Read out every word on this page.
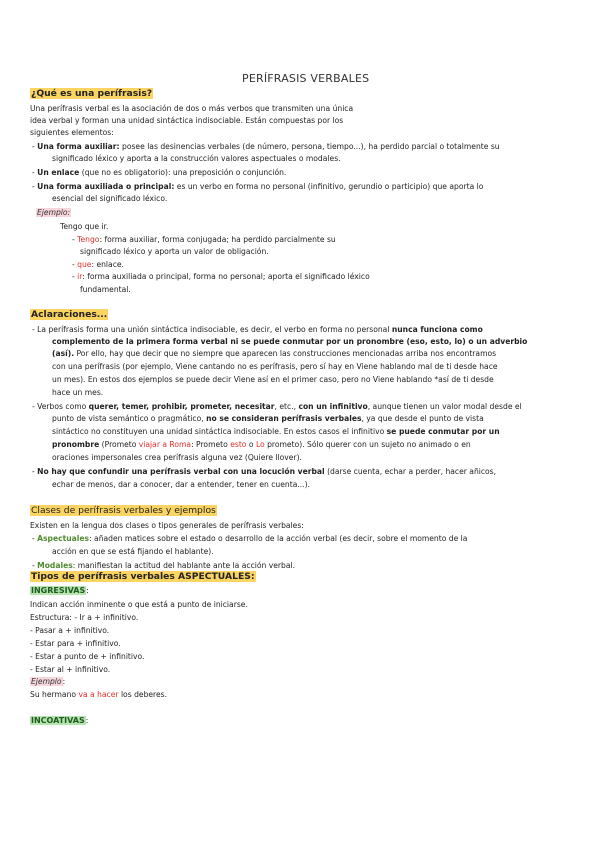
PERÍFRASIS VERBALES
¿Qué es una perífrasis?
Una perífrasis verbal es la asociación de dos o más verbos que transmiten una única
idea verbal y forman una unidad sintáctica indisociable. Están compuestas por los
siguientes elementos:
- Una forma auxiliar: posee las desinencias verbales (de número, persona, tiempo...), ha perdido parcial o totalmente su
significado léxico y aporta a la construcción valores aspectuales o modales.
- Un enlace (que no es obligatorio): una preposición o conjunción.
- Una forma auxiliada o principal: es un verbo en forma no personal (infinitivo, gerundio o participio) que aporta lo
esencial del significado léxico.
Ejemplo:
Tengo que ir.
- Tengo: forma auxiliar, forma conjugada; ha perdido parcialmente su
significado léxico y aporta un valor de obligación.
- que: enlace.
- ir: forma auxiliada o principal, forma no personal; aporta el significado léxico
fundamental.
Aclaraciones...
- La perífrasis forma una unión sintáctica indisociable, es decir, el verbo en forma no personal nunca funciona como
complemento de la primera forma verbal ni se puede conmutar por un pronombre (eso, esto, lo) o un adverbio
(así). Por ello, hay que decir que no siempre que aparecen las construcciones mencionadas arriba nos encontramos
con una perífrasis (por ejemplo, Viene cantando no es perífrasis, pero sí hay en Viene hablando mal de ti desde hace
un mes). En estos dos ejemplos se puede decir Viene así en el primer caso, pero no Viene hablando *así de ti desde
hace un mes.
- Verbos como querer, temer, prohibir, prometer, necesitar, etc., con un infinitivo, aunque tienen un valor modal desde el
punto de vista semántico o pragmático, no se consideran perífrasis verbales, ya que desde el punto de vista
sintáctico no constituyen una unidad sintáctica indisociable. En estos casos el infinitivo se puede conmutar por un
pronombre (Prometo viajar a Roma: Prometo esto o Lo prometo). Sólo querer con un sujeto no animado o en
oraciones impersonales crea perífrasis alguna vez (Quiere llover).
- No hay que confundir una perífrasis verbal con una locución verbal (darse cuenta, echar a perder, hacer añicos,
echar de menos, dar a conocer, dar a entender, tener en cuenta...).
Clases de perífrasis verbales y ejemplos
Existen en la lengua dos clases o tipos generales de perífrasis verbales:
- Aspectuales: añaden matices sobre el estado o desarrollo de la acción verbal (es decir, sobre el momento de la
acción en que se está fijando el hablante).
- Modales: manifiestan la actitud del hablante ante la acción verbal.
Tipos de perífrasis verbales ASPECTUALES:
INGRESIVAS:
Indican acción inminente o que está a punto de iniciarse.
Estructura: - Ir a + infinitivo.
- Pasar a + infinitivo.
- Estar para + infinitivo.
- Estar a punto de + infinitivo.
- Estar al + infinitivo.
Ejemplo:
Su hermano va a hacer los deberes.
INCOATIVAS:
